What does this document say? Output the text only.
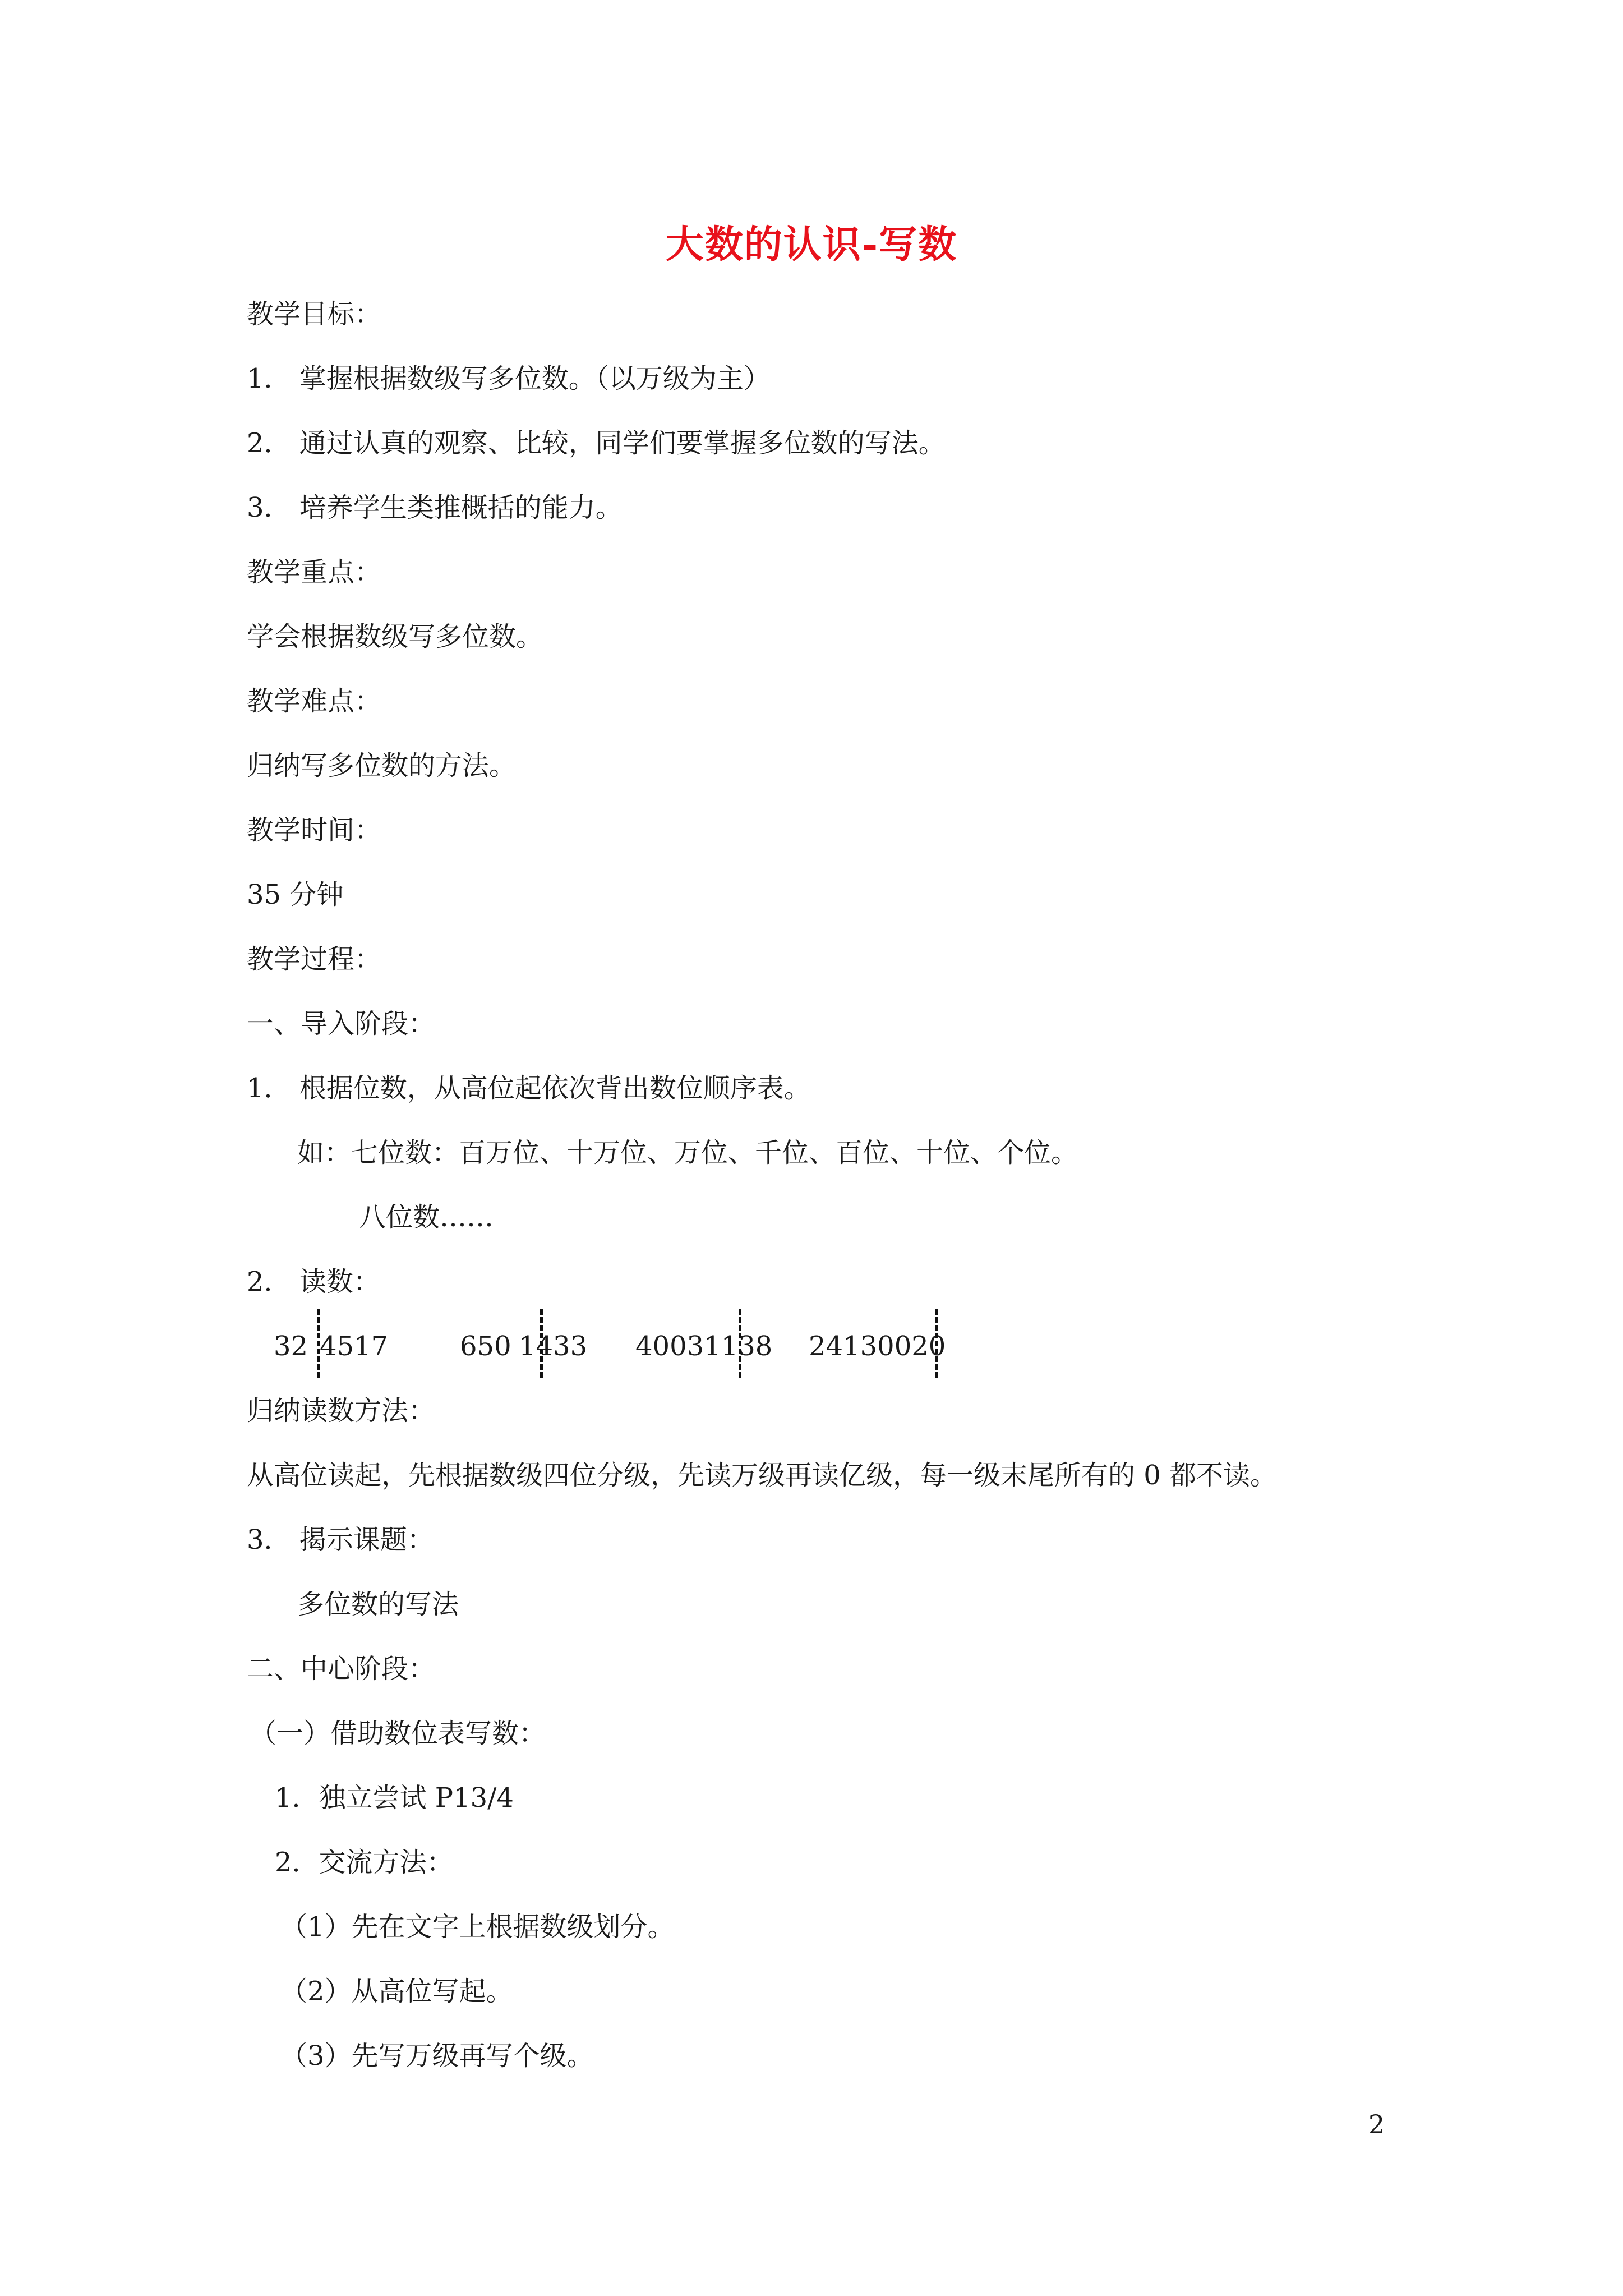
大数的认识-写数
教学目标：
1． 掌握根据数级写多位数。（以万级为主）
2． 通过认真的观察、比较，同学们要掌握多位数的写法。
3． 培养学生类推概括的能力。
教学重点：
学会根据数级写多位数。
教学难点：
归纳写多位数的方法。
教学时间：
35 分钟
教学过程：
一、导入阶段：
1． 根据位数，从高位起依次背出数位顺序表。
如：七位数：百万位、十万位、万位、千位、百位、十位、个位。
八位数……
2． 读数：
32 4517	650 1433 40031138 24130020
归纳读数方法：
从高位读起，先根据数级四位分级，先读万级再读亿级，每一级末尾所有的 0 都不读。
3． 揭示课题：
多位数的写法
二、中心阶段：
（一）借助数位表写数：
1．独立尝试 P13/4
2．交流方法：
（1）先在文字上根据数级划分。
（2）从高位写起。
（3）先写万级再写个级。
2
